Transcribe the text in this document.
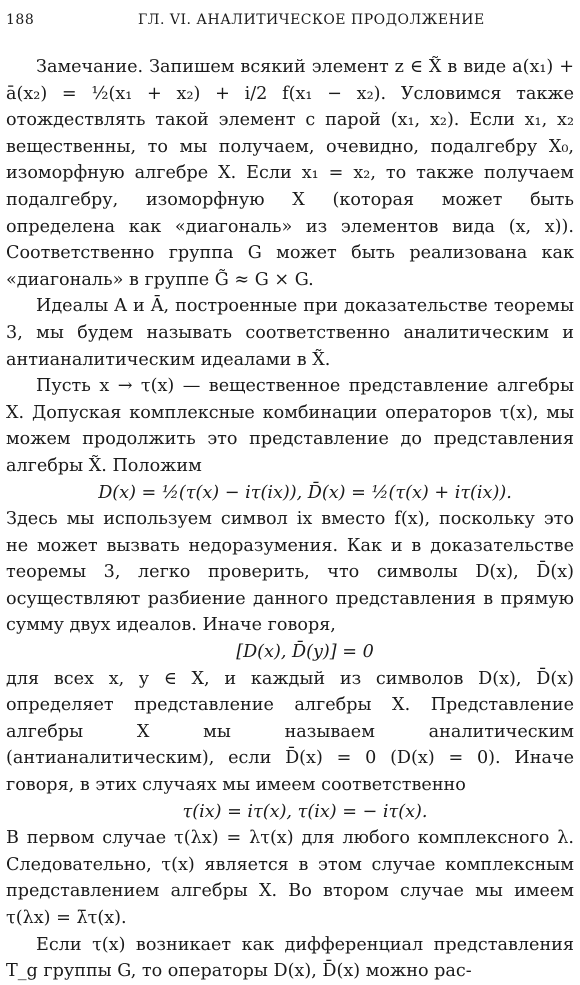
188	ГЛ. VI. АНАЛИТИЧЕСКОЕ ПРОДОЛЖЕНИЕ

Замечание. Запишем всякий элемент z ∈ X̃ в виде a(x₁) + ā(x₂) = ½(x₁ + x₂) + i/2 f(x₁ − x₂). Условимся также отождествлять такой элемент с парой (x₁, x₂). Если x₁, x₂ вещественны, то мы получаем, очевидно, подалгебру X₀, изоморфную алгебре X. Если x₁ = x₂, то также получаем подалгебру, изоморфную X (которая может быть определена как «диагональ» из элементов вида (x, x)). Соответственно группа G может быть реализована как «диагональ» в группе G̃ ≈ G × G.

Идеалы A и Ā, построенные при доказательстве теоремы 3, мы будем называть соответственно аналитическим и антианалитическим идеалами в X̃.

Пусть x → τ(x) — вещественное представление алгебры X. Допуская комплексные комбинации операторов τ(x), мы можем продолжить это представление до представления алгебры X̃. Положим

D(x) = ½(τ(x) − iτ(ix)), D̄(x) = ½(τ(x) + iτ(ix)).

Здесь мы используем символ ix вместо f(x), поскольку это не может вызвать недоразумения. Как и в доказательстве теоремы 3, легко проверить, что символы D(x), D̄(x) осуществляют разбиение данного представления в прямую сумму двух идеалов. Иначе говоря,

[D(x), D̄(y)] = 0

для всех x, y ∈ X, и каждый из символов D(x), D̄(x) определяет представление алгебры X. Представление алгебры X мы называем аналитическим (антианалитическим), если D̄(x) = 0 (D(x) = 0). Иначе говоря, в этих случаях мы имеем соответственно

τ(ix) = iτ(x), τ(ix) = − iτ(x).

В первом случае τ(λx) = λτ(x) для любого комплексного λ. Следовательно, τ(x) является в этом случае комплексным представлением алгебры X. Во втором случае мы имеем τ(λx) = λ̄τ(x).

Если τ(x) возникает как дифференциал представления T_g группы G, то операторы D(x), D̄(x) можно рас-
